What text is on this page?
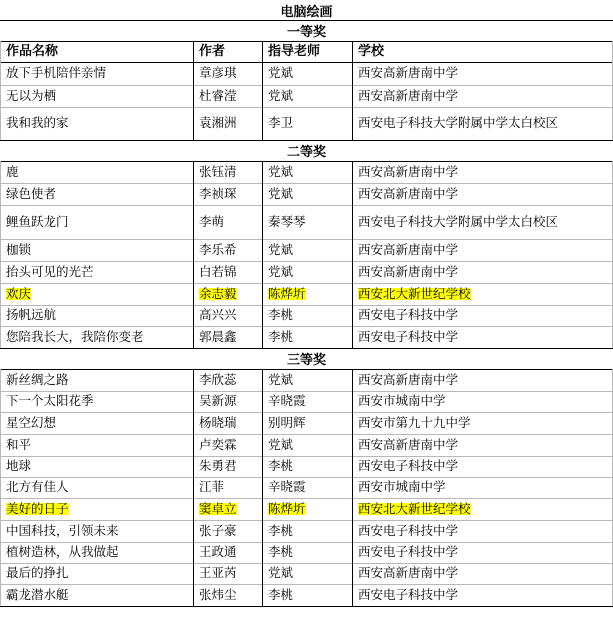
电脑绘画
一等奖
作品名称	作者	指导老师	学校
放下手机陪伴亲情	章彦琪	党斌	西安高新唐南中学
无以为栖	杜睿滢	党斌	西安高新唐南中学
我和我的家	袁湘洲	李卫	西安电子科技大学附属中学太白校区
二等奖
鹿	张钰清	党斌	西安高新唐南中学
绿色使者	李祯琛	党斌	西安高新唐南中学
鲤鱼跃龙门	李萌	秦琴琴	西安电子科技大学附属中学太白校区
枷锁	李乐希	党斌	西安高新唐南中学
抬头可见的光芒	白若锦	党斌	西安高新唐南中学
欢庆	余志毅	陈烨圻	西安北大新世纪学校
扬帆远航	高兴兴	李桃	西安电子科技中学
您陪我长大，我陪你变老	郭晨鑫	李桃	西安电子科技中学
三等奖
新丝绸之路	李欣蕊	党斌	西安高新唐南中学
下一个太阳花季	吴新源	辛晓霞	西安市城南中学
星空幻想	杨晓瑞	别明辉	西安市第九十九中学
和平	卢奕霖	党斌	西安高新唐南中学
地球	朱勇君	李桃	西安电子科技中学
北方有佳人	江菲	辛晓霞	西安市城南中学
美好的日子	窦卓立	陈烨圻	西安北大新世纪学校
中国科技，引领未来	张子豪	李桃	西安电子科技中学
植树造林，从我做起	王政通	李桃	西安电子科技中学
最后的挣扎	王亚芮	党斌	西安高新唐南中学
霸龙潜水艇	张炜尘	李桃	西安电子科技中学
